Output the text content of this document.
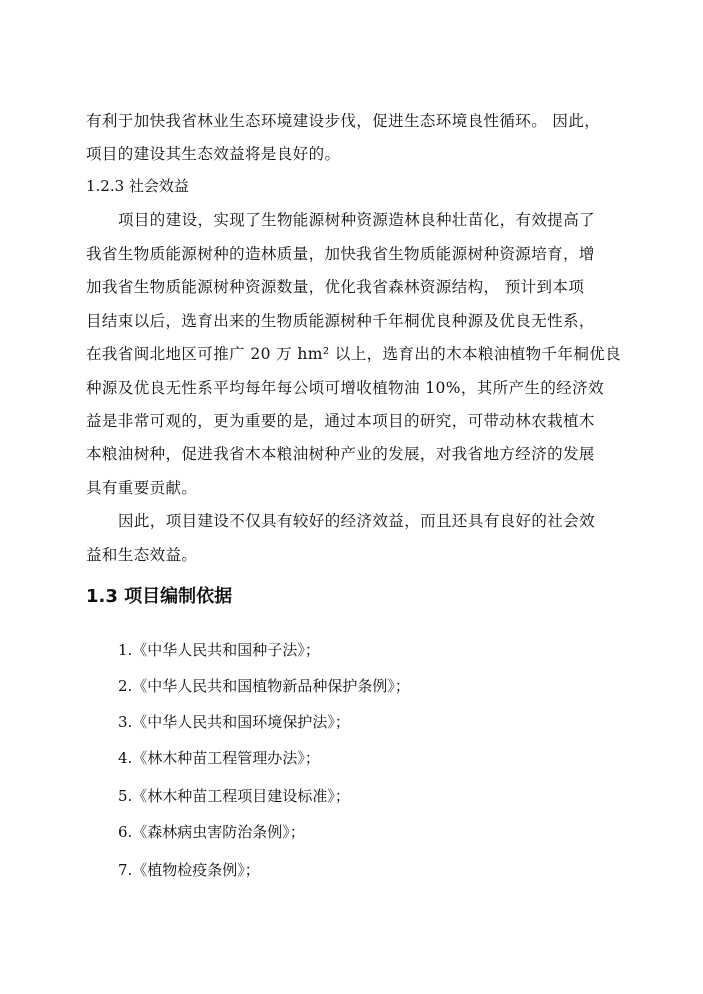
有利于加快我省林业生态环境建设步伐，促进生态环境良性循环。 因此，
项目的建设其生态效益将是良好的。
1.2.3 社会效益
项目的建设，实现了生物能源树种资源造林良种壮苗化，有效提高了
我省生物质能源树种的造林质量，加快我省生物质能源树种资源培育，增
加我省生物质能源树种资源数量，优化我省森林资源结构， 预计到本项
目结束以后，选育出来的生物质能源树种千年桐优良种源及优良无性系，
在我省闽北地区可推广 20 万 hm² 以上，选育出的木本粮油植物千年桐优良
种源及优良无性系平均每年每公顷可增收植物油 10%，其所产生的经济效
益是非常可观的，更为重要的是，通过本项目的研究，可带动林农栽植木
本粮油树种，促进我省木本粮油树种产业的发展，对我省地方经济的发展
具有重要贡献。
因此，项目建设不仅具有较好的经济效益，而且还具有良好的社会效
益和生态效益。
1.3 项目编制依据
1.《中华人民共和国种子法》；
2.《中华人民共和国植物新品种保护条例》；
3.《中华人民共和国环境保护法》；
4.《林木种苗工程管理办法》；
5.《林木种苗工程项目建设标准》；
6.《森林病虫害防治条例》；
7.《植物检疫条例》；
